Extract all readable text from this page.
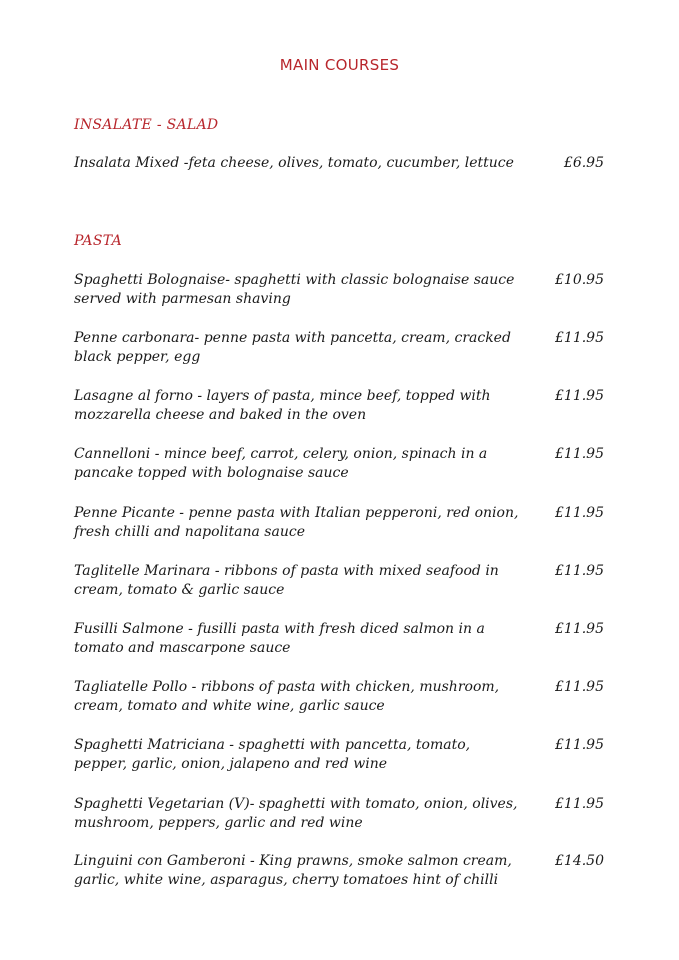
MAIN COURSES
INSALATE - SALAD
Insalata Mixed -feta cheese, olives, tomato, cucumber, lettuce	£6.95
PASTA
Spaghetti Bolognaise- spaghetti with classic bolognaise sauce served with parmesan shaving
£10.95
Penne carbonara- penne pasta with pancetta, cream, cracked black pepper, egg
£11.95
Lasagne al forno - layers of pasta, mince beef, topped with mozzarella cheese and baked in the oven
£11.95
Cannelloni - mince beef, carrot, celery, onion, spinach in a pancake topped with bolognaise sauce
£11.95
Penne Picante - penne pasta with Italian pepperoni, red onion, fresh chilli and napolitana sauce
£11.95
Taglitelle Marinara - ribbons of pasta with mixed seafood in cream, tomato & garlic sauce
£11.95
Fusilli Salmone - fusilli pasta with fresh diced salmon in a tomato and mascarpone sauce
£11.95
Tagliatelle Pollo - ribbons of pasta with chicken, mushroom, cream, tomato and white wine, garlic sauce
£11.95
Spaghetti Matriciana - spaghetti with pancetta, tomato, pepper, garlic, onion, jalapeno and red wine
£11.95
Spaghetti Vegetarian (V)- spaghetti with tomato, onion, olives, mushroom, peppers, garlic and red wine
£11.95
Linguini con Gamberoni - King prawns, smoke salmon cream, garlic, white wine, asparagus, cherry tomatoes hint of chilli
£14.50
